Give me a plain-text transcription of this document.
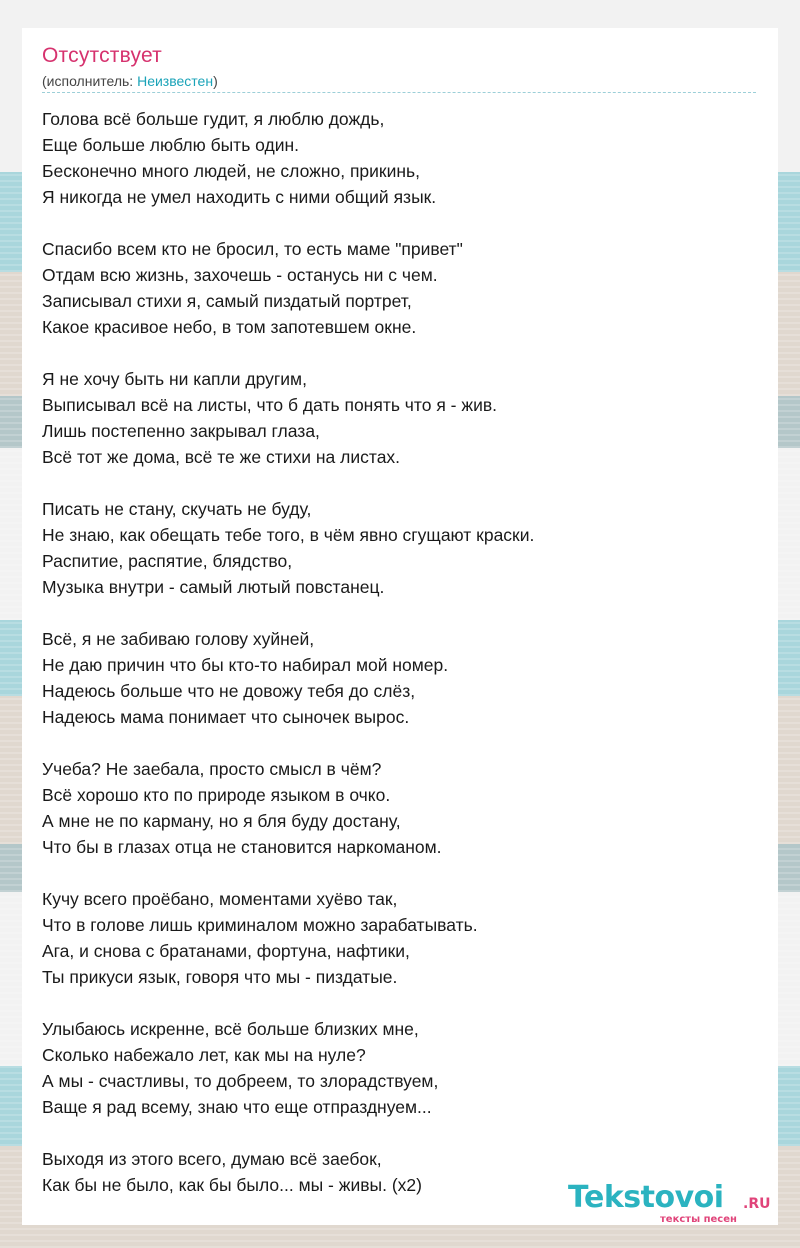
Отсутствует
(исполнитель: Неизвестен)
Голова всё больше гудит, я люблю дождь,
Еще больше люблю быть один.
Бесконечно много людей, не сложно, прикинь,
Я никогда не умел находить с ними общий язык.
Спасибо всем кто не бросил, то есть маме "привет"
Отдам всю жизнь, захочешь - останусь ни с чем.
Записывал стихи я, самый пиздатый портрет,
Какое красивое небо, в том запотевшем окне.
Я не хочу быть ни капли другим,
Выписывал всё на листы, что б дать понять что я - жив.
Лишь постепенно закрывал глаза,
Всё тот же дома, всё те же стихи на листах.
Писать не стану, скучать не буду,
Не знаю, как обещать тебе того, в чём явно сгущают краски.
Распитие, распятие, блядство,
Музыка внутри - самый лютый повстанец.
Всё, я не забиваю голову хуйней,
Не даю причин что бы кто-то набирал мой номер.
Надеюсь больше что не довожу тебя до слёз,
Надеюсь мама понимает что сыночек вырос.
Учеба? Не заебала, просто смысл в чём?
Всё хорошо кто по природе языком в очко.
А мне не по карману, но я бля буду достану,
Что бы в глазах отца не становится наркоманом.
Кучу всего проёбано, моментами хуёво так,
Что в голове лишь криминалом можно зарабатывать.
Ага, и снова с братанами, фортуна, нафтики,
Ты прикуси язык, говоря что мы - пиздатые.
Улыбаюсь искренне, всё больше близких мне,
Сколько набежало лет, как мы на нуле?
А мы - счастливы, то добреем, то злорадствуем,
Ваще я рад всему, знаю что еще отпразднуем...
Выходя из этого всего, думаю всё заебок,
Как бы не было, как бы было... мы - живы. (x2)	Tekstovoi .RU
тексты песен
